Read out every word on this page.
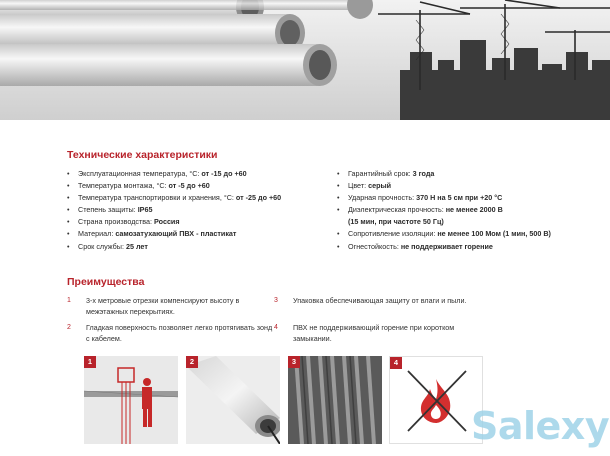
Технические характеристики
• Эксплуатационная температура, °С: от -15 до +60
• Температура монтажа, °С: от -5 до +60
• Температура транспортировки и хранения, °С: от -25 до +60
• Степень защиты: IP65
• Страна производства: Россия
• Материал: самозатухающий ПВХ - пластикат
• Срок службы: 25 лет
• Гарантийный срок: 3 года
• Цвет: серый
• Ударная прочность: 370 Н на 5 см при +20 °С
• Диэлектрическая прочность: не менее 2000 В
(15 мин, при частоте 50 Гц)
• Сопротивление изоляции: не менее 100 Мом (1 мин, 500 В)
• Огнестойкость: не поддерживает горение
Преимущества
1 3-х метровые отрезки компенсируют высоту в межэтажных перекрытиях.
2 Гладкая поверхность позволяет легко протягивать зонд с кабелем.
3 Упаковка обеспечивающая защиту от влаги и пыли.
4 ПВХ не поддерживающий горение при коротком замыкании.
1	2	3	4
Salexy
